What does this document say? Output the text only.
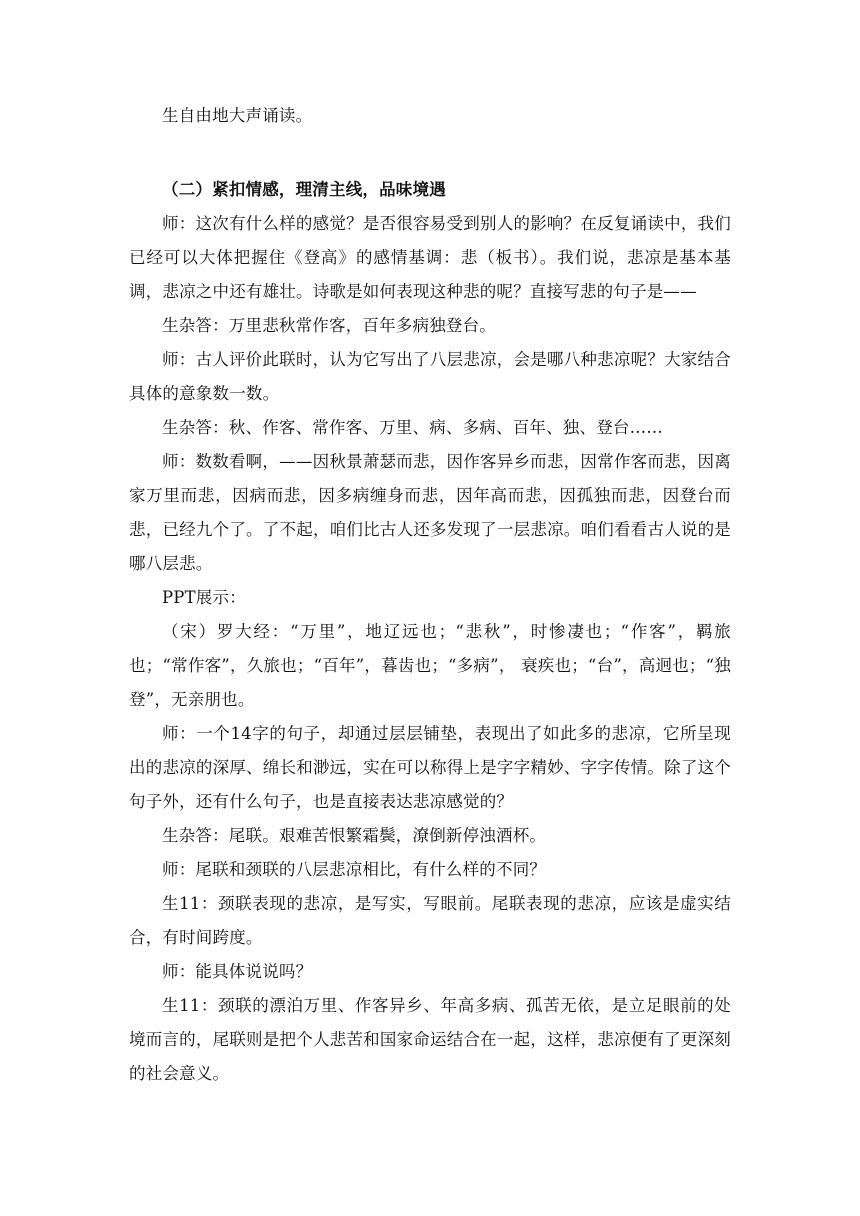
生自由地大声诵读。

（二）紧扣情感，理清主线，品味境遇

师：这次有什么样的感觉？是否很容易受到别人的影响？在反复诵读中，我们已经可以大体把握住《登高》的感情基调：悲（板书）。我们说，悲凉是基本基调，悲凉之中还有雄壮。诗歌是如何表现这种悲的呢？直接写悲的句子是——

生杂答：万里悲秋常作客，百年多病独登台。

师：古人评价此联时，认为它写出了八层悲凉，会是哪八种悲凉呢？大家结合具体的意象数一数。

生杂答：秋、作客、常作客、万里、病、多病、百年、独、登台……

师：数数看啊，——因秋景萧瑟而悲，因作客异乡而悲，因常作客而悲，因离家万里而悲，因病而悲，因多病缠身而悲，因年高而悲，因孤独而悲，因登台而悲，已经九个了。了不起，咱们比古人还多发现了一层悲凉。咱们看看古人说的是哪八层悲。

PPT展示：

（宋）罗大经：“万里”，地辽远也；“悲秋”，时惨凄也；“作客”，羁旅也；“常作客”，久旅也；“百年”，暮齿也；“多病”， 衰疾也；“台”，高迥也；“独登”，无亲朋也。

师：一个14字的句子，却通过层层铺垫，表现出了如此多的悲凉，它所呈现出的悲凉的深厚、绵长和渺远，实在可以称得上是字字精妙、字字传情。除了这个句子外，还有什么句子，也是直接表达悲凉感觉的？

生杂答：尾联。艰难苦恨繁霜鬓，潦倒新停浊酒杯。

师：尾联和颈联的八层悲凉相比，有什么样的不同？

生11：颈联表现的悲凉，是写实，写眼前。尾联表现的悲凉，应该是虚实结合，有时间跨度。

师：能具体说说吗？

生11：颈联的漂泊万里、作客异乡、年高多病、孤苦无依，是立足眼前的处境而言的，尾联则是把个人悲苦和国家命运结合在一起，这样，悲凉便有了更深刻的社会意义。
